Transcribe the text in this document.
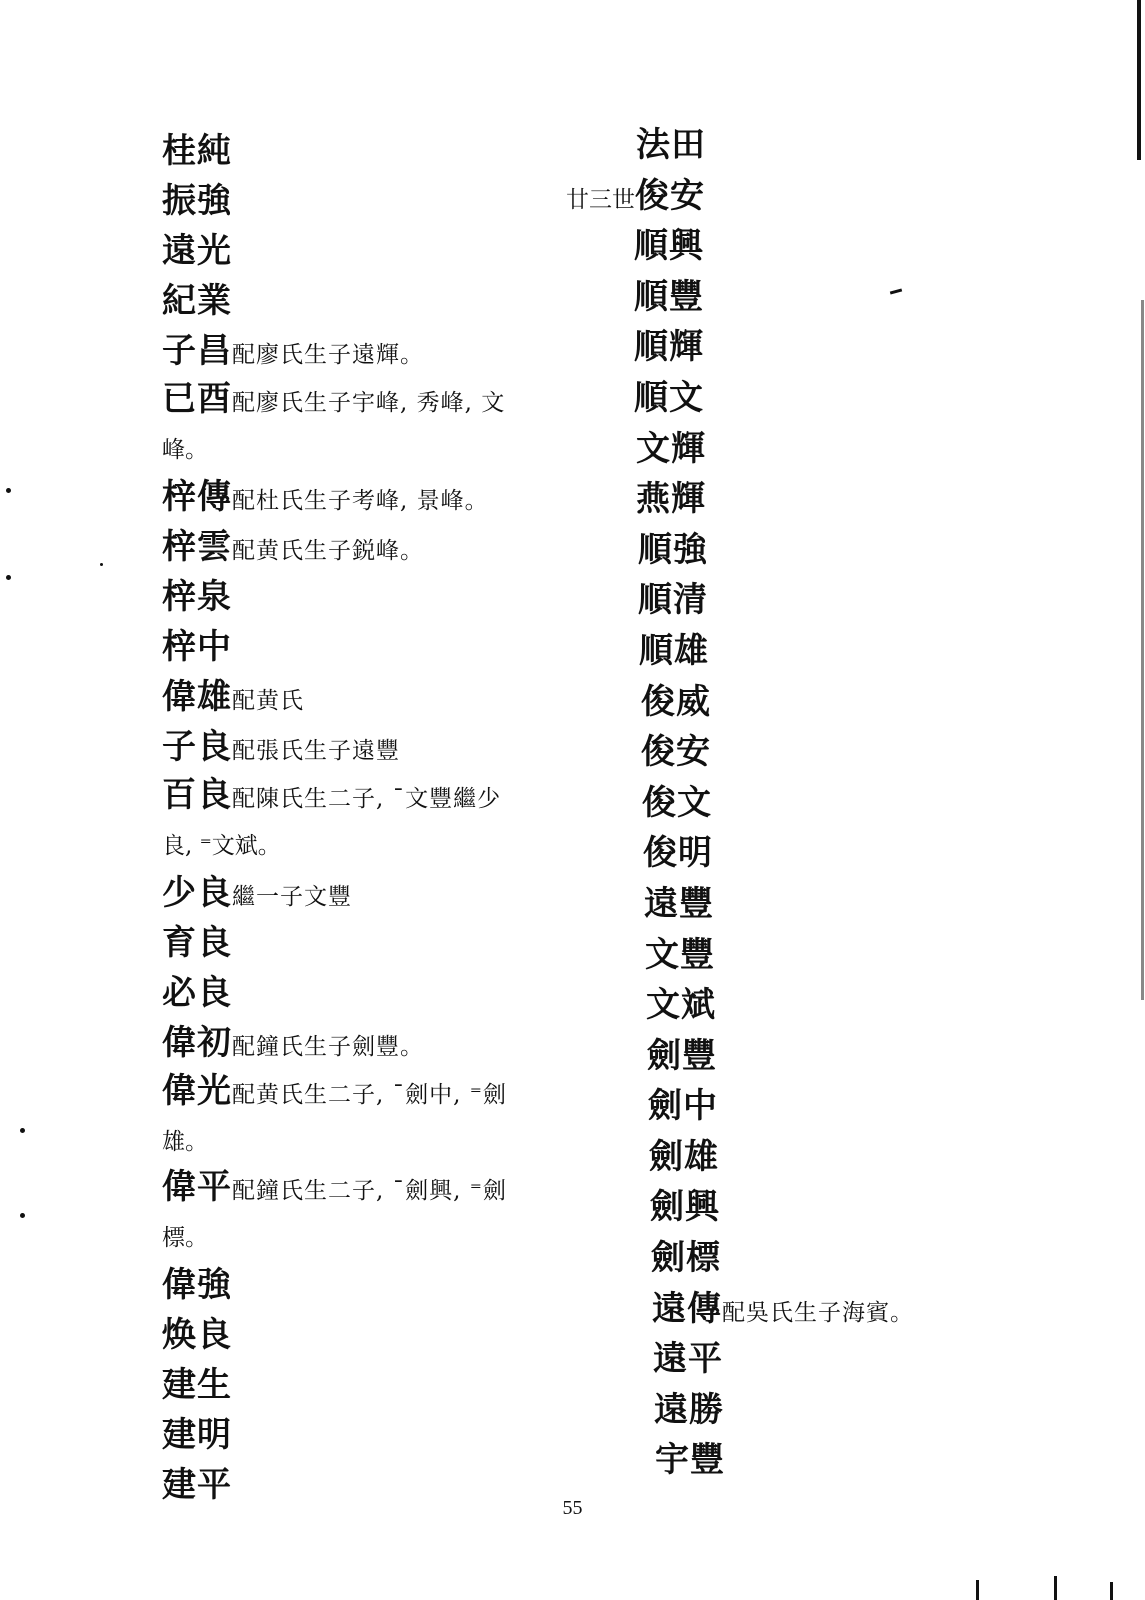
桂純
振強
遠光
紀業
子昌配廖氏生子遠輝。
已酉配廖氏生子宇峰, 秀峰, 文
峰。
梓傳配杜氏生子考峰, 景峰。
梓雲配黄氏生子鋭峰。
梓泉
梓中
偉雄配黄氏
子良配張氏生子遠豐
百良配陳氏生二子, ¯文豐繼少
良, ⁼文斌。
少良繼一子文豐
育良
必良
偉初配鐘氏生子劍豐。
偉光配黄氏生二子, ¯劍中, ⁼劍
雄。
偉平配鐘氏生二子, ¯劍興, ⁼劍
標。
偉強
焕良
建生
建明
建平
法田
廿三世俊安
順興
順豐
順輝
順文
文輝
燕輝
順強
順清
順雄
俊威
俊安
俊文
俊明
遠豐
文豐
文斌
劍豐
劍中
劍雄
劍興
劍標
遠傳配吳氏生子海賓。
遠平
遠勝
宇豐
55
